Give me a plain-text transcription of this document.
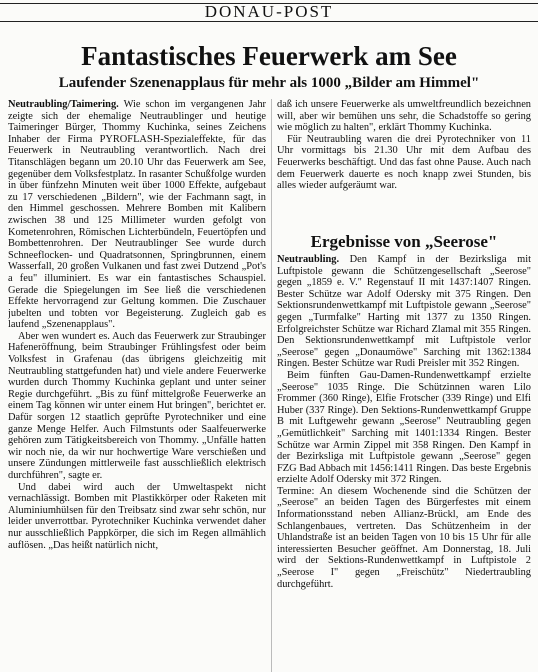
DONAU-POST
Fantastisches Feuerwerk am See
Laufender Szenenapplaus für mehr als 1000 „Bilder am Himmel"

Neutraubling/Taimering. Wie schon im vergangenen Jahr zeigte sich der ehemalige Neutraublinger und heutige Taimeringer Bürger, Thommy Kuchinka, seines Zeichens Inhaber der Firma PYROFLASH-Spezialeffekte, für das Feuerwerk in Neutraubling verantwortlich. Nach drei Titanschlägen begann um 20.10 Uhr das Feuerwerk am See, gegenüber dem Volksfestplatz. In rasanter Schußfolge wurden in über fünfzehn Minuten weit über 1000 Effekte, aufgebaut zu 17 verschiedenen „Bildern", wie der Fachmann sagt, in den Himmel geschossen. Mehrere Bomben mit Kalibern zwischen 38 und 125 Millimeter wurden gefolgt von Kometenrohren, Römischen Lichterbündeln, Feuertöpfen und Bombettenrohren. Der Neutraublinger See wurde durch Schneeflocken- und Quadratsonnen, Springbrunnen, einem Wasserfall, 20 großen Vulkanen und fast zwei Dutzend „Pot's a feu" illuminiert. Es war ein fantastisches Schauspiel. Gerade die Spiegelungen im See ließ die verschiedenen Effekte hervorragend zur Geltung kommen. Die Zuschauer jubelten und tobten vor Begeisterung. Zugleich gab es laufend „Szenenapplaus".

Aber wen wundert es. Auch das Feuerwerk zur Straubinger Hafeneröffnung, beim Straubinger Frühlingsfest oder beim Volksfest in Grafenau (das übrigens gleichzeitig mit Neutraubling stattgefunden hat) und viele andere Feuerwerke wurden durch Thommy Kuchinka geplant und unter seiner Regie durchgeführt. „Bis zu fünf mittelgroße Feuerwerke an einem Tag können wir unter einem Hut bringen", berichtet er. Dafür sorgen 12 staatlich geprüfte Pyrotechniker und eine ganze Menge Helfer. Auch Filmstunts oder Saalfeuerwerke gehören zum Tätigkeitsbereich von Thommy. „Unfälle hatten wir noch nie, da wir nur hochwertige Ware verschießen und unsere Zündungen mittlerweile fast ausschließlich elektrisch durchführen", sagte er.

Und dabei wird auch der Umweltaspekt nicht vernachlässigt. Bomben mit Plastikkörper oder Raketen mit Aluminiumhülsen für den Treibsatz sind zwar sehr schön, nur leider unverrottbar. Pyrotechniker Kuchinka verwendet daher nur ausschließlich Pappkörper, die sich im Regen allmählich auflösen. „Das heißt natürlich nicht,

daß ich unsere Feuerwerke als umweltfreundlich bezeichnen will, aber wir bemühen uns sehr, die Schadstoffe so gering wie möglich zu halten", erklärt Thommy Kuchinka.

Für Neutraubling waren die drei Pyrotechniker von 11 Uhr vormittags bis 21.30 Uhr mit dem Aufbau des Feuerwerks beschäftigt. Und das fast ohne Pause. Auch nach dem Feuerwerk dauerte es noch knapp zwei Stunden, bis alles wieder aufgeräumt war.

Ergebnisse von „Seerose"

Neutraubling. Den Kampf in der Bezirksliga mit Luftpistole gewann die Schützengesellschaft „Seerose" gegen „1859 e. V." Regenstauf II mit 1437:1407 Ringen. Bester Schütze war Adolf Odersky mit 375 Ringen. Den Sektionsrundenwettkampf mit Luftpistole gewann „Seerose" gegen „Turmfalke" Harting mit 1377 zu 1350 Ringen. Erfolgreichster Schütze war Richard Zlamal mit 355 Ringen. Den Sektionsrundenwettkampf mit Luftpistole verlor „Seerose" gegen „Donaumöwe" Sarching mit 1362:1384 Ringen. Bester Schütze war Rudi Preisler mit 352 Ringen.

Beim fünften Gau-Damen-Rundenwettkampf erzielte „Seerose" 1035 Ringe. Die Schützinnen waren Lilo Frommer (360 Ringe), Elfie Frotscher (339 Ringe) und Elfi Huber (337 Ringe). Den Sektions-Rundenwettkampf Gruppe B mit Luftgewehr gewann „Seerose" Neutraubling gegen „Gemütlichkeit" Sarching mit 1401:1334 Ringen. Bester Schütze war Armin Zippel mit 358 Ringen. Den Kampf in der Bezirksliga mit Luftpistole gewann „Seerose" gegen FZG Bad Abbach mit 1456:1411 Ringen. Das beste Ergebnis erzielte Adolf Odersky mit 372 Ringen.

Termine: An diesem Wochenende sind die Schützen der „Seerose" an beiden Tagen des Bürgerfestes mit einem Informationsstand neben Allianz-Brückl, am Ende des Schlangenbaues, vertreten. Das Schützenheim in der Uhlandstraße ist an beiden Tagen von 10 bis 15 Uhr für alle interessierten Besucher geöffnet. Am Donnerstag, 18. Juli wird der Sektions-Rundenwettkampf in Luftpistole 2 „Seerose I" gegen „Freischütz" Niedertraubling durchgeführt.
